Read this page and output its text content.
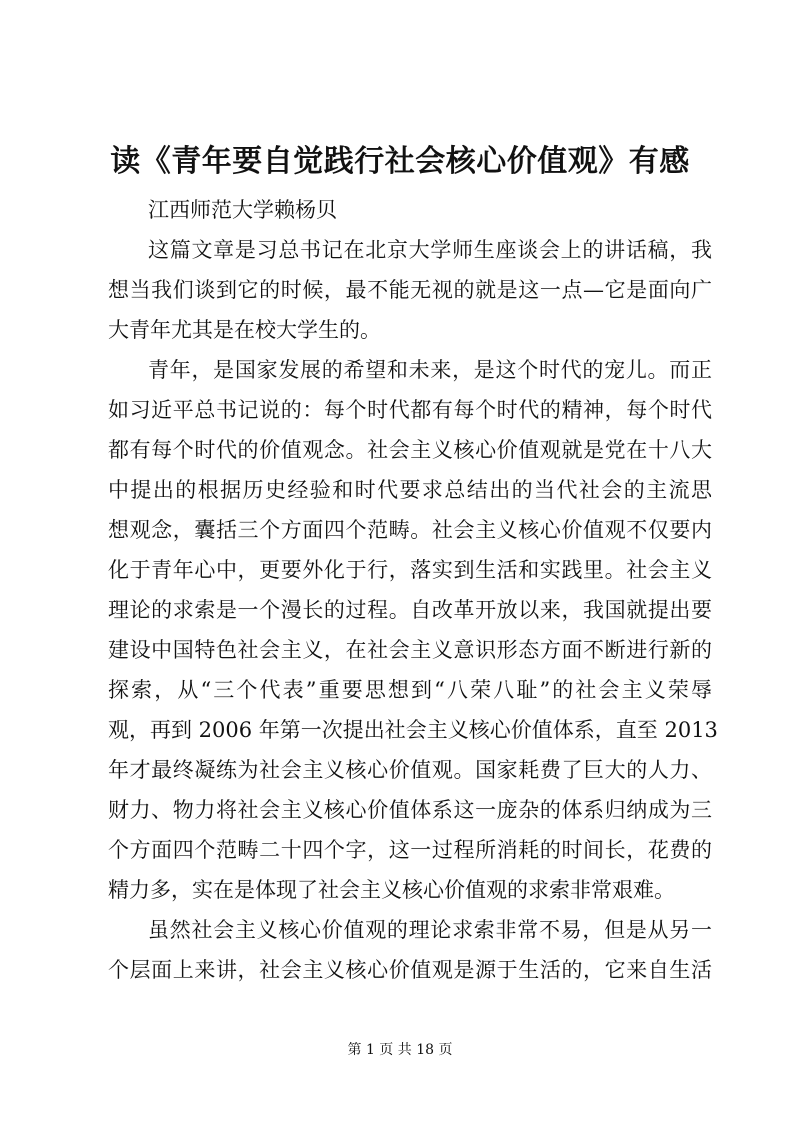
读《青年要自觉践行社会核心价值观》有感
江西师范大学赖杨贝
这篇文章是习总书记在北京大学师生座谈会上的讲话稿，我
想当我们谈到它的时候，最不能无视的就是这一点—它是面向广
大青年尤其是在校大学生的。
青年，是国家发展的希望和未来，是这个时代的宠儿。而正
如习近平总书记说的：每个时代都有每个时代的精神，每个时代
都有每个时代的价值观念。社会主义核心价值观就是党在十八大
中提出的根据历史经验和时代要求总结出的当代社会的主流思
想观念，囊括三个方面四个范畴。社会主义核心价值观不仅要内
化于青年心中，更要外化于行，落实到生活和实践里。社会主义
理论的求索是一个漫长的过程。自改革开放以来，我国就提出要
建设中国特色社会主义，在社会主义意识形态方面不断进行新的
探索，从“三个代表”重要思想到“八荣八耻”的社会主义荣辱
观，再到 2006 年第一次提出社会主义核心价值体系，直至 2013
年才最终凝练为社会主义核心价值观。国家耗费了巨大的人力、
财力、物力将社会主义核心价值体系这一庞杂的体系归纳成为三
个方面四个范畴二十四个字，这一过程所消耗的时间长，花费的
精力多，实在是体现了社会主义核心价值观的求索非常艰难。
虽然社会主义核心价值观的理论求索非常不易，但是从另一
个层面上来讲，社会主义核心价值观是源于生活的，它来自生活
第 1 页 共 18 页
